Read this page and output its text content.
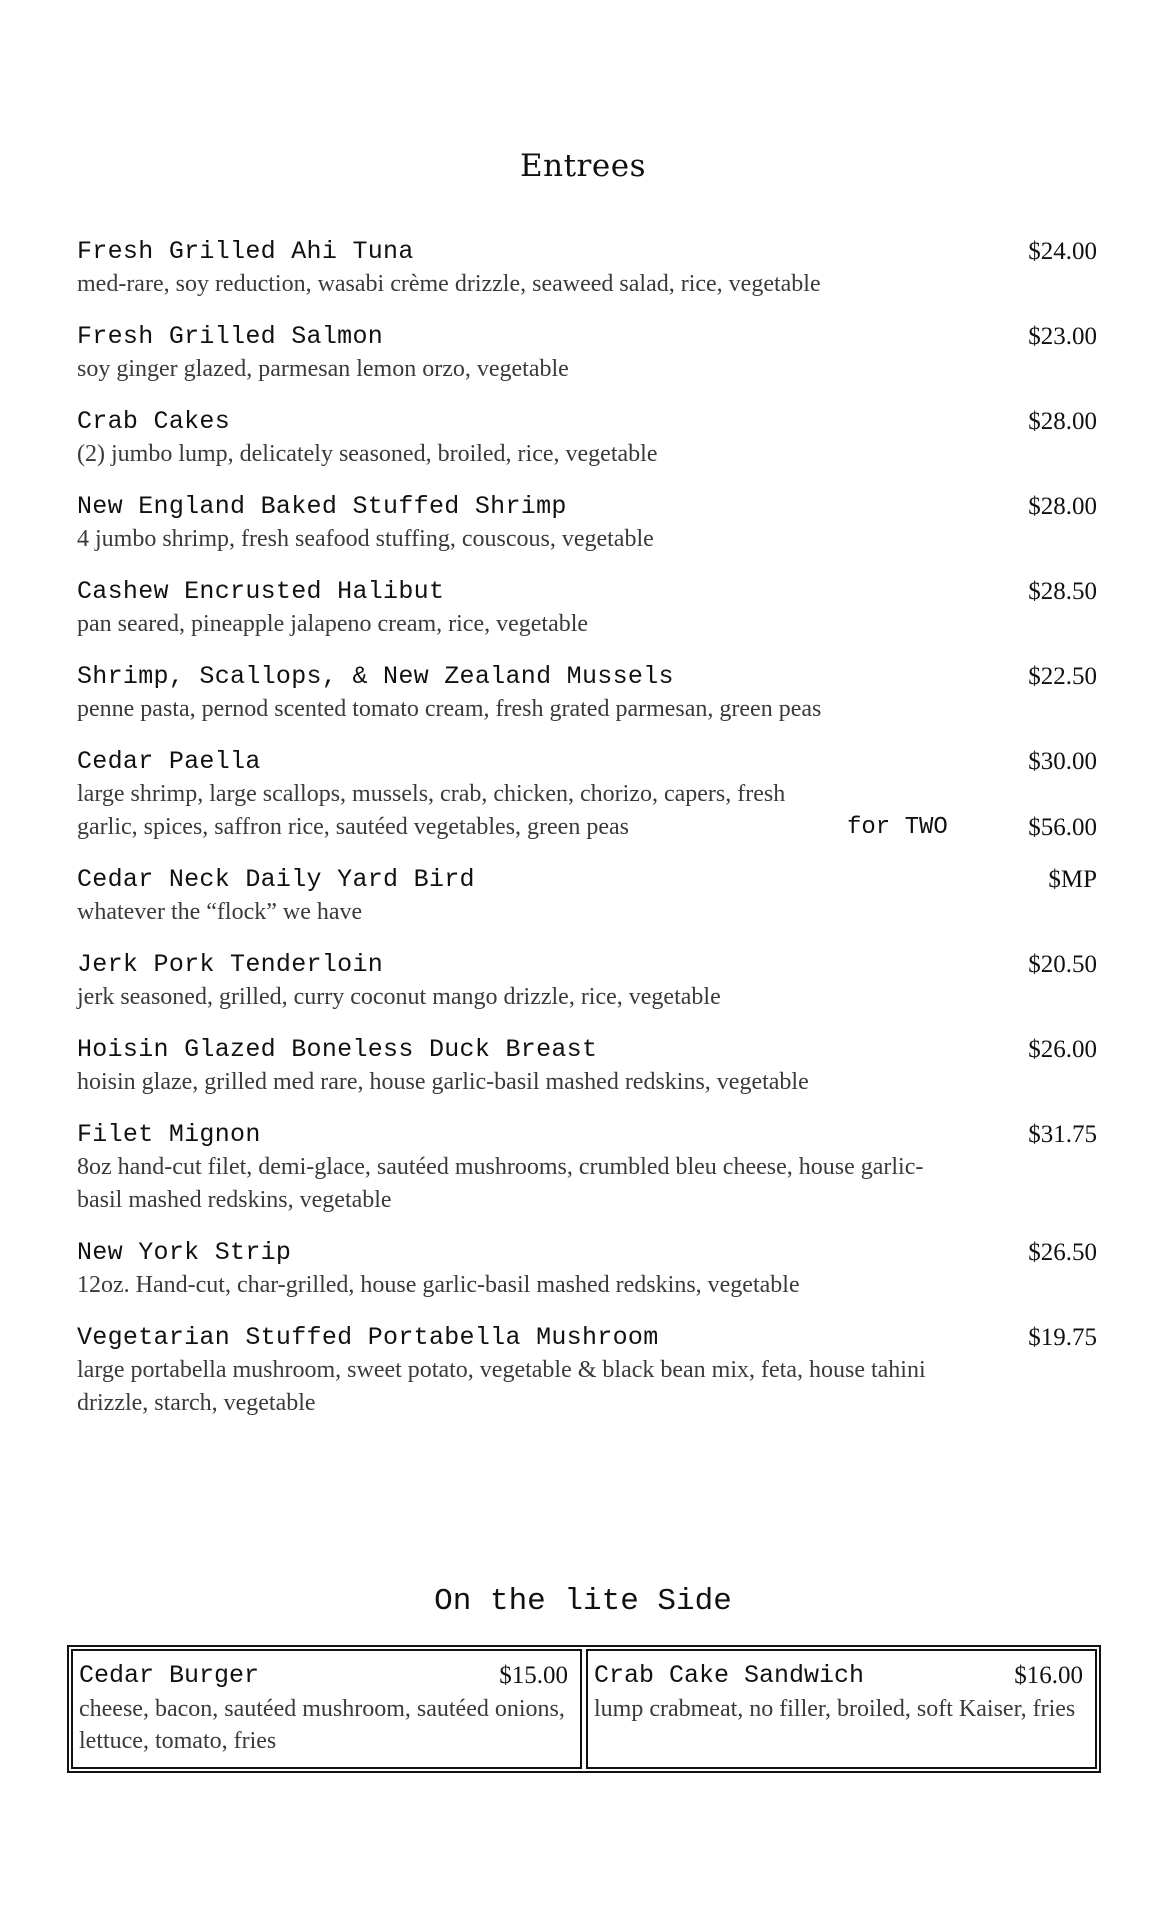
Entrees
Fresh Grilled Ahi Tuna	$24.00
med-rare, soy reduction, wasabi crème drizzle, seaweed salad, rice, vegetable
Fresh Grilled Salmon	$23.00
soy ginger glazed, parmesan lemon orzo, vegetable
Crab Cakes	$28.00
(2) jumbo lump, delicately seasoned, broiled, rice, vegetable
New England Baked Stuffed Shrimp	$28.00
4 jumbo shrimp, fresh seafood stuffing, couscous, vegetable
Cashew Encrusted Halibut	$28.50
pan seared, pineapple jalapeno cream, rice, vegetable
Shrimp, Scallops, & New Zealand Mussels	$22.50
penne pasta, pernod scented tomato cream, fresh grated parmesan, green peas
Cedar Paella	$30.00
large shrimp, large scallops, mussels, crab, chicken, chorizo, capers, fresh garlic, spices, saffron rice, sautéed vegetables, green peas	for TWO	$56.00
Cedar Neck Daily Yard Bird	$MP
whatever the “flock” we have
Jerk Pork Tenderloin	$20.50
jerk seasoned, grilled, curry coconut mango drizzle, rice, vegetable
Hoisin Glazed Boneless Duck Breast	$26.00
hoisin glaze, grilled med rare, house garlic-basil mashed redskins, vegetable
Filet Mignon	$31.75
8oz hand-cut filet, demi-glace, sautéed mushrooms, crumbled bleu cheese, house garlic-basil mashed redskins, vegetable
New York Strip	$26.50
12oz. Hand-cut, char-grilled, house garlic-basil mashed redskins, vegetable
Vegetarian Stuffed Portabella Mushroom	$19.75
large portabella mushroom, sweet potato, vegetable & black bean mix, feta, house tahini drizzle, starch, vegetable
On the lite Side
Cedar Burger	$15.00
cheese, bacon, sautéed mushroom, sautéed onions, lettuce, tomato, fries
Crab Cake Sandwich	$16.00
lump crabmeat, no filler, broiled, soft Kaiser, fries
